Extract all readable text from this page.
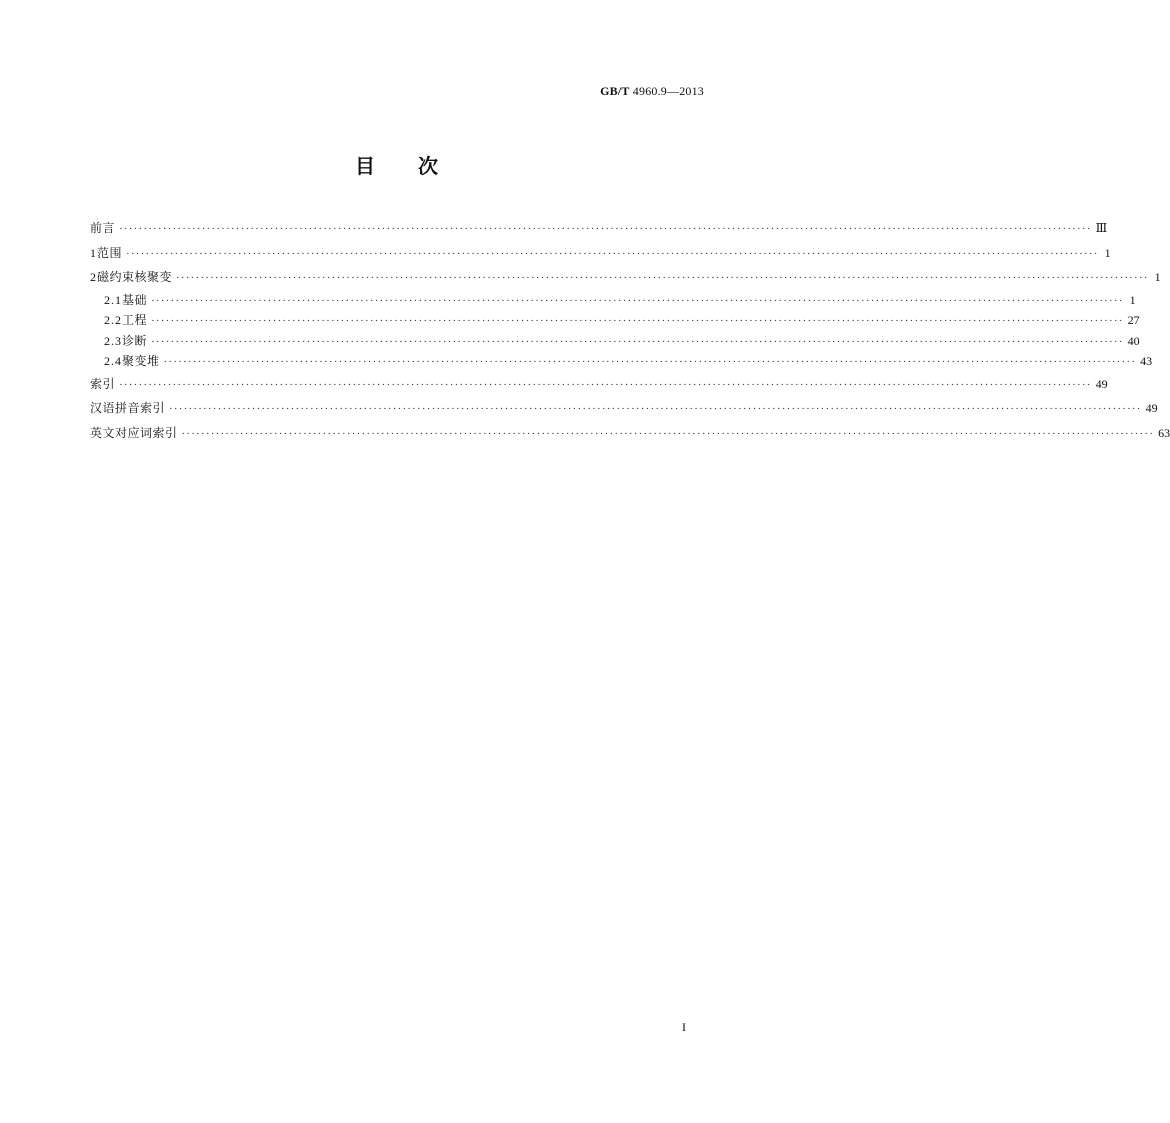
GB/T 4960.9—2013
目 次
前言 ········································································································································································································ Ⅲ
1 范围 ········································································································································································································ 1
2 磁约束核聚变 ········································································································································································································ 1
2.1 基础 ········································································································································································································ 1
2.2 工程 ········································································································································································································ 27
2.3 诊断 ········································································································································································································ 40
2.4 聚变堆 ········································································································································································································ 43
索引 ········································································································································································································ 49
汉语拼音索引 ········································································································································································································ 49
英文对应词索引 ········································································································································································································ 63
I
